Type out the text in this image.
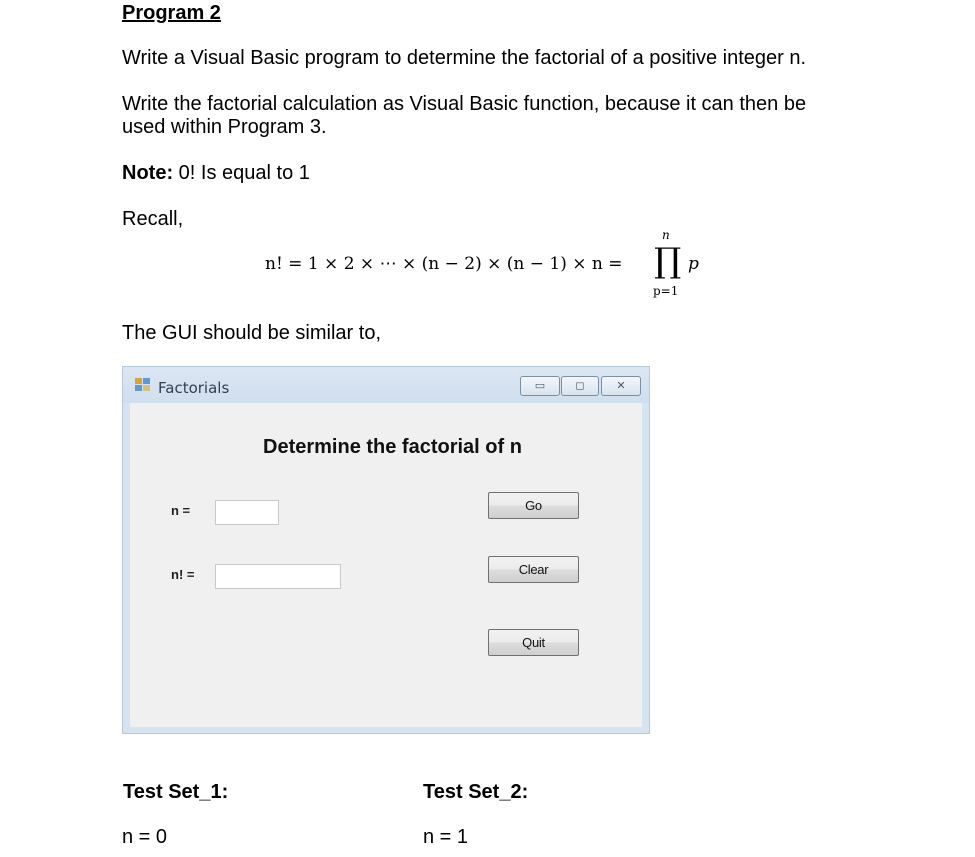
Program 2
Write a Visual Basic program to determine the factorial of a positive integer n.
Write the factorial calculation as Visual Basic function, because it can then be
used within Program 3.
Note: 0! Is equal to 1
Recall,
n! = 1 × 2 × ⋯ × (n − 2) × (n − 1) × n =
n
∏ p
p=1
The GUI should be similar to,
Factorials	▭	◻	✕
Determine the factorial of n
n =
n! =
Go
Clear
Quit
Test Set_1:
n = 0
Test Set_2:
n = 1
